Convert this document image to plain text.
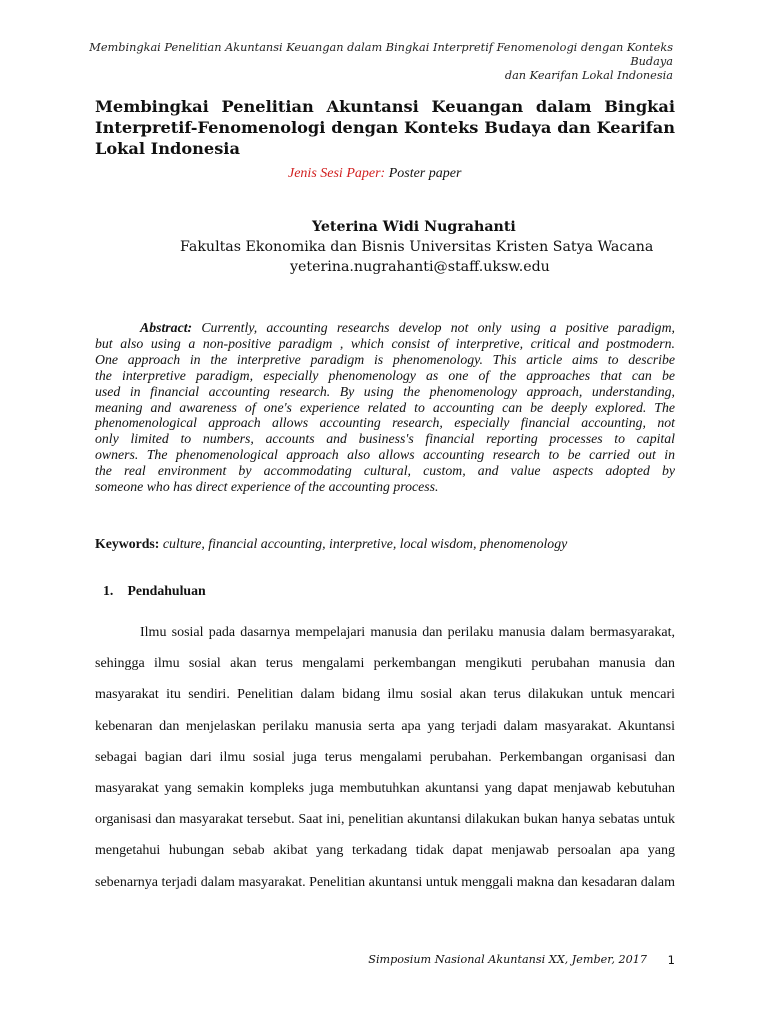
Membingkai Penelitian Akuntansi Keuangan dalam Bingkai Interpretif Fenomenologi dengan Konteks Budaya
dan Kearifan Lokal Indonesia
Membingkai Penelitian Akuntansi Keuangan dalam Bingkai
Interpretif-Fenomenologi dengan Konteks Budaya dan Kearifan
Lokal Indonesia
Jenis Sesi Paper: Poster paper
Yeterina Widi Nugrahanti
Fakultas Ekonomika dan Bisnis Universitas Kristen Satya Wacana
yeterina.nugrahanti@staff.uksw.edu
Abstract: Currently, accounting researchs develop not only using a positive paradigm,
but also using a non-positive paradigm , which consist of interpretive, critical and postmodern.
One approach in the interpretive paradigm is phenomenology. This article aims to describe
the interpretive paradigm, especially phenomenology as one of the approaches that can be
used in financial accounting research. By using the phenomenology approach, understanding,
meaning and awareness of one's experience related to accounting can be deeply explored. The
phenomenological approach allows accounting research, especially financial accounting, not
only limited to numbers, accounts and business's financial reporting processes to capital
owners. The phenomenological approach also allows accounting research to be carried out in
the real environment by accommodating cultural, custom, and value aspects adopted by
someone who has direct experience of the accounting process.
Keywords: culture, financial accounting, interpretive, local wisdom, phenomenology
1. Pendahuluan
Ilmu sosial pada dasarnya mempelajari manusia dan perilaku manusia dalam bermasyarakat,
sehingga ilmu sosial akan terus mengalami perkembangan mengikuti perubahan manusia dan
masyarakat itu sendiri. Penelitian dalam bidang ilmu sosial akan terus dilakukan untuk mencari
kebenaran dan menjelaskan perilaku manusia serta apa yang terjadi dalam masyarakat. Akuntansi
sebagai bagian dari ilmu sosial juga terus mengalami perubahan. Perkembangan organisasi dan
masyarakat yang semakin kompleks juga membutuhkan akuntansi yang dapat menjawab kebutuhan
organisasi dan masyarakat tersebut. Saat ini, penelitian akuntansi dilakukan bukan hanya sebatas untuk
mengetahui hubungan sebab akibat yang terkadang tidak dapat menjawab persoalan apa yang
sebenarnya terjadi dalam masyarakat. Penelitian akuntansi untuk menggali makna dan kesadaran dalam
Simposium Nasional Akuntansi XX, Jember, 2017 1
